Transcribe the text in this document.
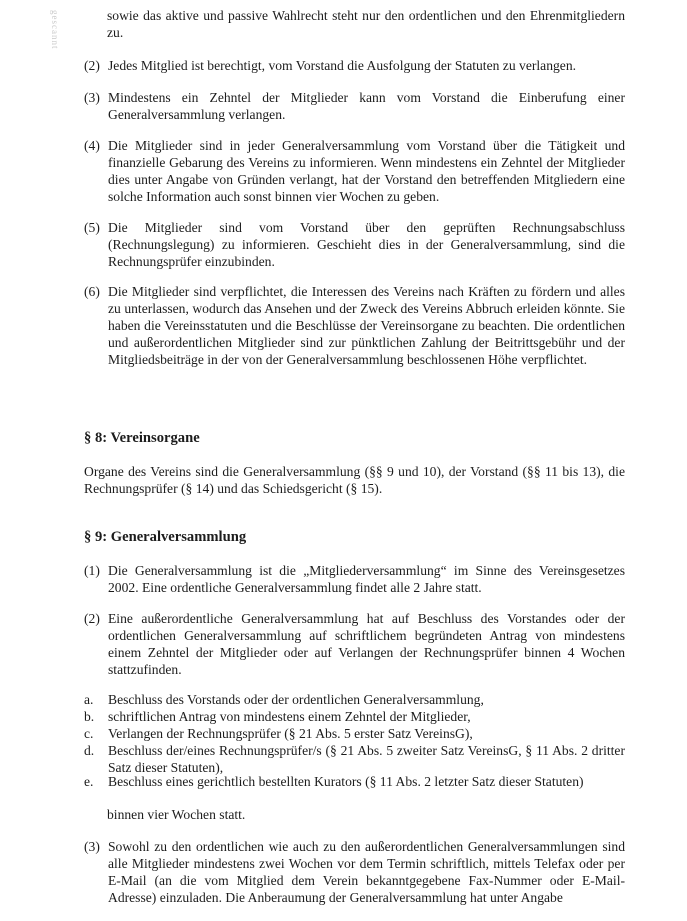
gescannt	sowie das aktive und passive Wahlrecht steht nur den ordentlichen und den Ehrenmitgliedern zu.
(2) Jedes Mitglied ist berechtigt, vom Vorstand die Ausfolgung der Statuten zu verlangen.
(3) Mindestens ein Zehntel der Mitglieder kann vom Vorstand die Einberufung einer Generalversammlung verlangen.
(4) Die Mitglieder sind in jeder Generalversammlung vom Vorstand über die Tätigkeit und finanzielle Gebarung des Vereins zu informieren. Wenn mindestens ein Zehntel der Mitglieder dies unter Angabe von Gründen verlangt, hat der Vorstand den betreffenden Mitgliedern eine solche Information auch sonst binnen vier Wochen zu geben.
(5) Die Mitglieder sind vom Vorstand über den geprüften Rechnungsabschluss (Rechnungslegung) zu informieren. Geschieht dies in der Generalversammlung, sind die Rechnungsprüfer einzubinden.
(6) Die Mitglieder sind verpflichtet, die Interessen des Vereins nach Kräften zu fördern und alles zu unterlassen, wodurch das Ansehen und der Zweck des Vereins Abbruch erleiden könnte. Sie haben die Vereinsstatuten und die Beschlüsse der Vereinsorgane zu beachten. Die ordentlichen und außerordentlichen Mitglieder sind zur pünktlichen Zahlung der Beitrittsgebühr und der Mitgliedsbeiträge in der von der Generalversammlung beschlossenen Höhe verpflichtet.
§ 8: Vereinsorgane
Organe des Vereins sind die Generalversammlung (§§ 9 und 10), der Vorstand (§§ 11 bis 13), die Rechnungsprüfer (§ 14) und das Schiedsgericht (§ 15).
§ 9: Generalversammlung
(1) Die Generalversammlung ist die „Mitgliederversammlung“ im Sinne des Vereinsgesetzes 2002. Eine ordentliche Generalversammlung findet alle 2 Jahre statt.
(2) Eine außerordentliche Generalversammlung hat auf Beschluss des Vorstandes oder der ordentlichen Generalversammlung auf schriftlichem begründeten Antrag von mindestens einem Zehntel der Mitglieder oder auf Verlangen der Rechnungsprüfer binnen 4 Wochen stattzufinden.
a.	Beschluss des Vorstands oder der ordentlichen Generalversammlung,
b.	schriftlichen Antrag von mindestens einem Zehntel der Mitglieder,
c.	Verlangen der Rechnungsprüfer (§ 21 Abs. 5 erster Satz VereinsG),
d.	Beschluss der/eines Rechnungsprüfer/s (§ 21 Abs. 5 zweiter Satz VereinsG, § 11 Abs. 2 dritter Satz dieser Statuten),
e.	Beschluss eines gerichtlich bestellten Kurators (§ 11 Abs. 2 letzter Satz dieser Statuten)
binnen vier Wochen statt.
(3) Sowohl zu den ordentlichen wie auch zu den außerordentlichen Generalversammlungen sind alle Mitglieder mindestens zwei Wochen vor dem Termin schriftlich, mittels Telefax oder per E-Mail (an die vom Mitglied dem Verein bekanntgegebene Fax-Nummer oder E-Mail-Adresse) einzuladen. Die Anberaumung der Generalversammlung hat unter Angabe
